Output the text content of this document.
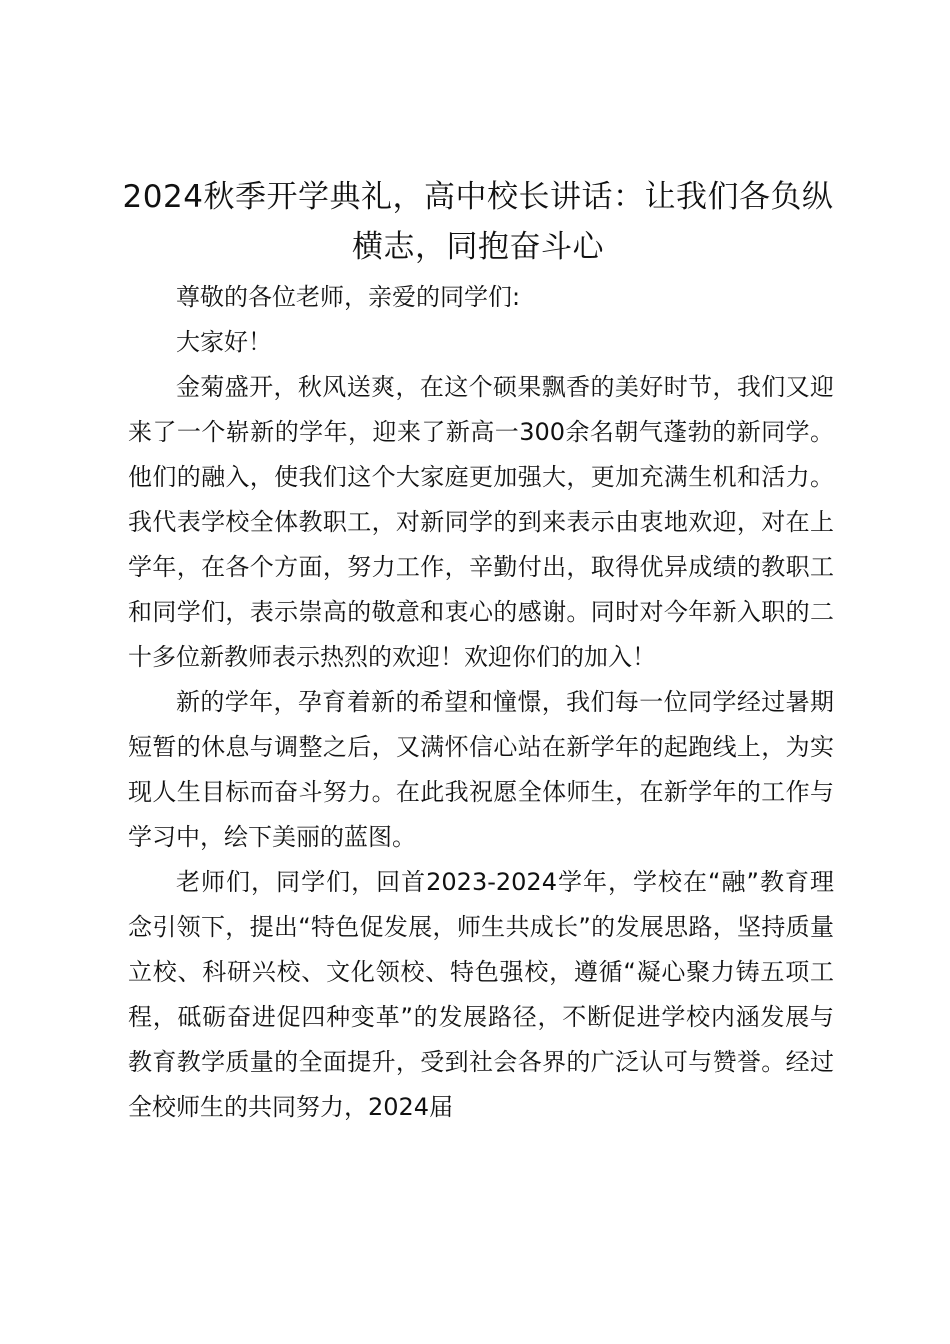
2024秋季开学典礼，高中校长讲话：让我们各负纵横志，同抱奋斗心

尊敬的各位老师，亲爱的同学们:

大家好！

金菊盛开，秋风送爽，在这个硕果飘香的美好时节，我们又迎来了一个崭新的学年，迎来了新高一300余名朝气蓬勃的新同学。他们的融入，使我们这个大家庭更加强大，更加充满生机和活力。我代表学校全体教职工，对新同学的到来表示由衷地欢迎，对在上学年，在各个方面，努力工作，辛勤付出，取得优异成绩的教职工和同学们，表示崇高的敬意和衷心的感谢。同时对今年新入职的二十多位新教师表示热烈的欢迎！欢迎你们的加入！

新的学年，孕育着新的希望和憧憬，我们每一位同学经过暑期短暂的休息与调整之后，又满怀信心站在新学年的起跑线上，为实现人生目标而奋斗努力。在此我祝愿全体师生，在新学年的工作与学习中，绘下美丽的蓝图。

老师们，同学们，回首2023-2024学年，学校在“融”教育理念引领下，提出“特色促发展，师生共成长”的发展思路，坚持质量立校、科研兴校、文化领校、特色强校，遵循“凝心聚力铸五项工程，砥砺奋进促四种变革”的发展路径，不断促进学校内涵发展与教育教学质量的全面提升，受到社会各界的广泛认可与赞誉。经过全校师生的共同努力，2024届
